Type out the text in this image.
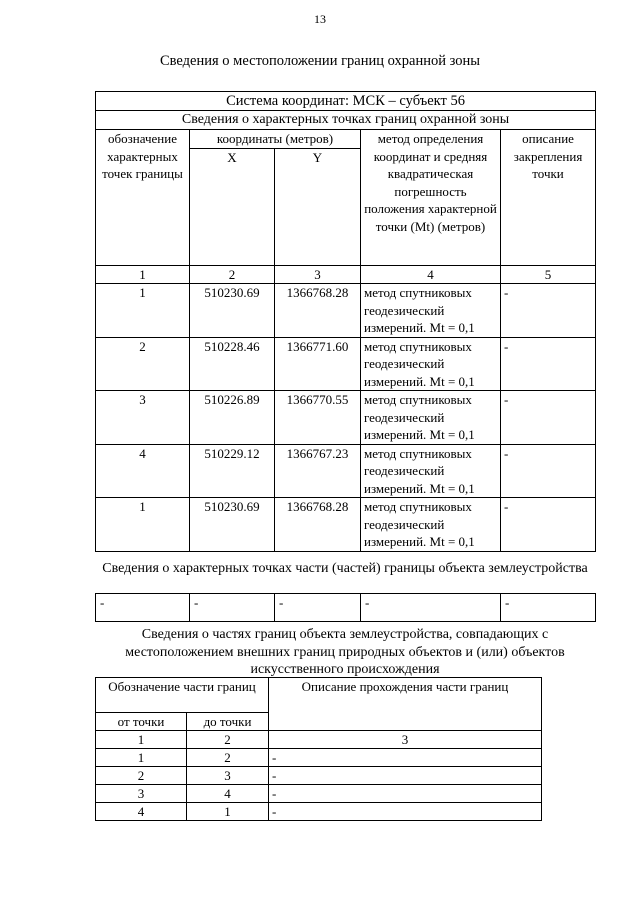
13
Сведения о местоположении границ охранной зоны
Система координат: МСК – субъект 56				
Сведения о характерных точках границ охранной зоны				
обозначение характерных точек границы	координаты (метров)		метод определения координат и средняя квадратическая погрешность положения характерной точки (Mt) (метров)	описание закрепления точки
	X	Y		
1	2	3	4	5
1	510230.69	1366768.28	метод спутниковых геодезический измерений. Mt = 0,1	-
2	510228.46	1366771.60	метод спутниковых геодезический измерений. Mt = 0,1	-
3	510226.89	1366770.55	метод спутниковых геодезический измерений. Mt = 0,1	-
4	510229.12	1366767.23	метод спутниковых геодезический измерений. Mt = 0,1	-
1	510230.69	1366768.28	метод спутниковых геодезический измерений. Mt = 0,1	-
Сведения о характерных точках части (частей) границы объекта землеустройства
-	-	-	-	-
Сведения о частях границ объекта землеустройства, совпадающих с местоположением внешних границ природных объектов и (или) объектов искусственного происхождения
Обозначение части границ		Описание прохождения части границ
от точки	до точки	
1	2	3
1	2	-
2	3	-
3	4	-
4	1	-
